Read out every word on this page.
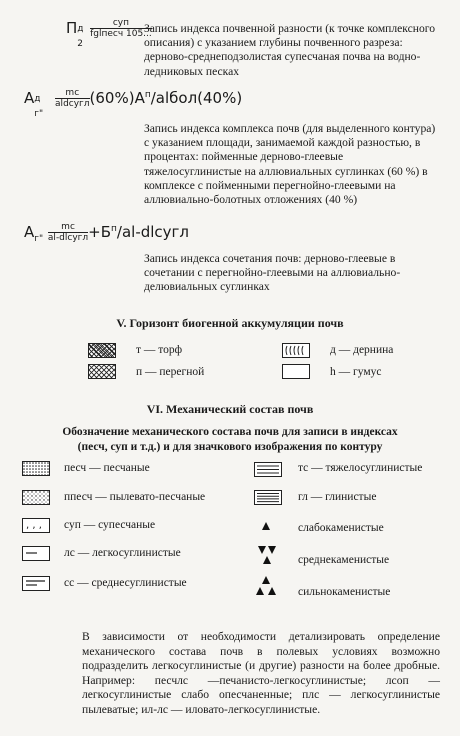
П д
2

$\frac{\text{суп}}{\text{fglпесч 105...}}$
Запись индекса почвенной разности (к точке комплексного описания) с указанием глубины почвенного разреза: дерново-среднеподзолистая супесчаная почва на водно-ледниковых песках
А д
г"

$\frac{mc}{\text{aldсугл}}$ $(60\%)А^п/alбол(40\%)$
Запись индекса комплекса почв (для выделенного контура) с указанием площади, занимаемой каждой разностью, в процентах: пойменные дерново-глеевые тяжелосуглинистые на аллювиальных суглинках (60 %) в комплексе с пойменными перегнойно-глеевыми на аллювиально-болотных отложениях (40 %)
$А_{г"} \frac{mc}{\text{al-dlсугл}}$ $+Б^п/al$-dlсугл
Запись индекса сочетания почв: дерново-глеевые в сочетании с перегнойно-глеевыми на аллювиально-делювиальных суглинках
V. Горизонт биогенной аккумуляции почв
т — торф	д — дернина
п — перегной	h — гумус
VI. Механический состав почв
Обозначение механического состава почв для записи в индексах
(песч, суп и т.д.) и для значкового изображения по контуру
песч — песчаные
ппесч — пылевато-песчаные
, , , суп — супесчаные
лс — легкосуглинистые
сс — среднесуглинистые
тс — тяжелосуглинистые
гл — глинистые
слабокаменистые
среднекаменистые
сильнокаменистые
В зависимости от необходимости детализировать определение механического состава почв в полевых условиях возможно подразделить легкосуглинистые (и другие) разности на более дробные. Например: песчлс —печанисто-легкосуглинистые; лсоп — легкосуглинистые слабо опесчаненные; плс — легкосуглинистые пылеватые; ил-лс — иловато-легкосуглинистые.
